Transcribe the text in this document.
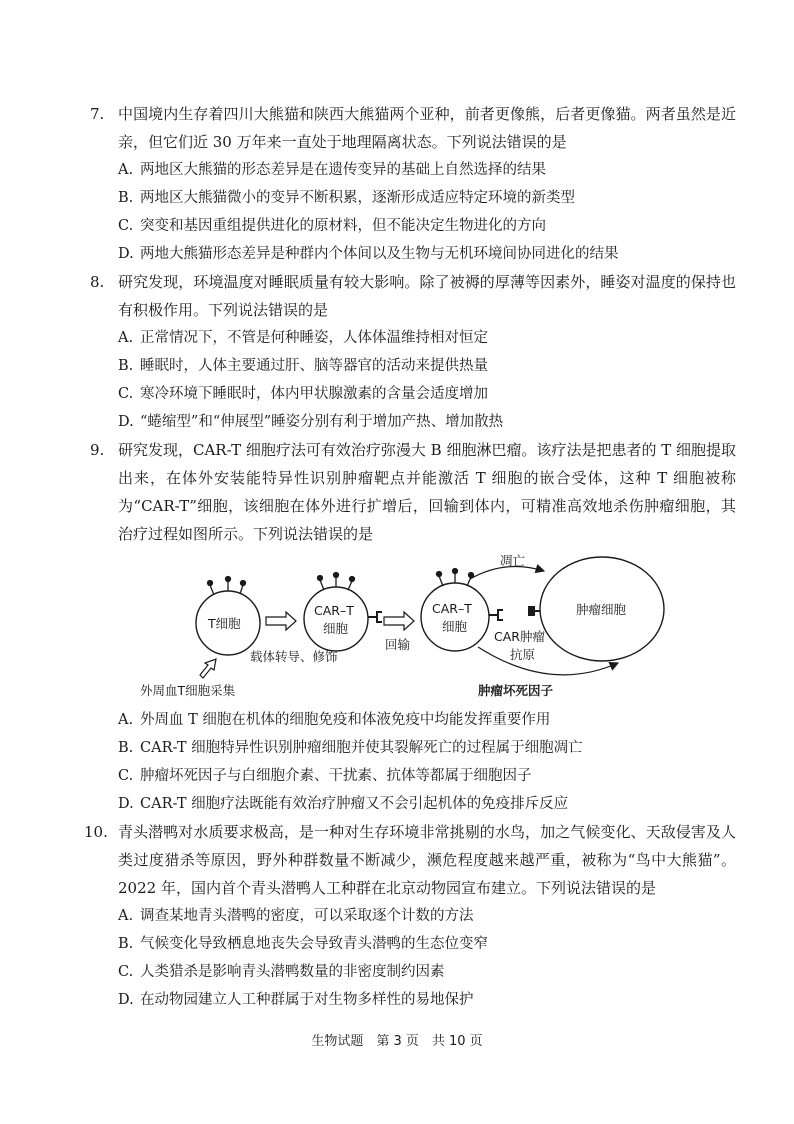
7. 中国境内生存着四川大熊猫和陕西大熊猫两个亚种，前者更像熊，后者更像猫。两者虽然是近亲，但它们近 30 万年来一直处于地理隔离状态。下列说法错误的是
A. 两地区大熊猫的形态差异是在遗传变异的基础上自然选择的结果
B. 两地区大熊猫微小的变异不断积累，逐渐形成适应特定环境的新类型
C. 突变和基因重组提供进化的原材料，但不能决定生物进化的方向
D. 两地大熊猫形态差异是种群内个体间以及生物与无机环境间协同进化的结果
8. 研究发现，环境温度对睡眠质量有较大影响。除了被褥的厚薄等因素外，睡姿对温度的保持也有积极作用。下列说法错误的是
A. 正常情况下，不管是何种睡姿，人体体温维持相对恒定
B. 睡眠时，人体主要通过肝、脑等器官的活动来提供热量
C. 寒冷环境下睡眠时，体内甲状腺激素的含量会适度增加
D. “蜷缩型”和“伸展型”睡姿分别有利于增加产热、增加散热
9. 研究发现，CAR-T 细胞疗法可有效治疗弥漫大 B 细胞淋巴瘤。该疗法是把患者的 T 细胞提取出来，在体外安装能特异性识别肿瘤靶点并能激活 T 细胞的嵌合受体，这种 T 细胞被称为“CAR-T”细胞，该细胞在体外进行扩增后，回输到体内，可精准高效地杀伤肿瘤细胞，其治疗过程如图所示。下列说法错误的是
T细胞
CAR–T
细胞
CAR–T
细胞
肿瘤细胞
凋亡
肿瘤坏死因子
载体转导、修饰
回输
CAR肿瘤
抗原
外周血T细胞采集
A. 外周血 T 细胞在机体的细胞免疫和体液免疫中均能发挥重要作用
B. CAR-T 细胞特异性识别肿瘤细胞并使其裂解死亡的过程属于细胞凋亡
C. 肿瘤坏死因子与白细胞介素、干扰素、抗体等都属于细胞因子
D. CAR-T 细胞疗法既能有效治疗肿瘤又不会引起机体的免疫排斥反应
10. 青头潜鸭对水质要求极高，是一种对生存环境非常挑剔的水鸟，加之气候变化、天敌侵害及人类过度猎杀等原因，野外种群数量不断减少，濒危程度越来越严重，被称为“鸟中大熊猫”。2022 年，国内首个青头潜鸭人工种群在北京动物园宣布建立。下列说法错误的是
A. 调查某地青头潜鸭的密度，可以采取逐个计数的方法
B. 气候变化导致栖息地丧失会导致青头潜鸭的生态位变窄
C. 人类猎杀是影响青头潜鸭数量的非密度制约因素
D. 在动物园建立人工种群属于对生物多样性的易地保护
生物试题　第 3 页　共 10 页
